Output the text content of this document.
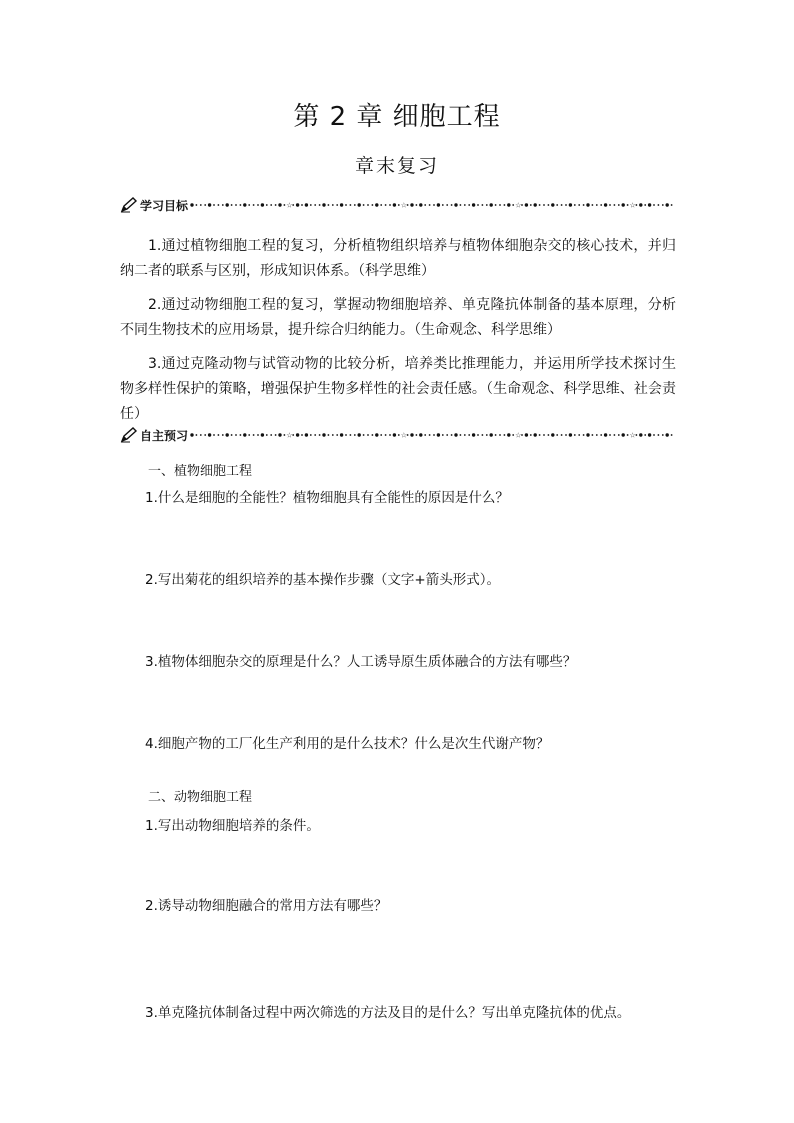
第 2 章 细胞工程
章末复习
学习目标	☆	☆	☆	☆
1.通过植物细胞工程的复习，分析植物组织培养与植物体细胞杂交的核心技术，并归纳二者的联系与区别，形成知识体系。（科学思维）
2.通过动物细胞工程的复习，掌握动物细胞培养、单克隆抗体制备的基本原理，分析不同生物技术的应用场景，提升综合归纳能力。（生命观念、科学思维）
3.通过克隆动物与试管动物的比较分析，培养类比推理能力，并运用所学技术探讨生物多样性保护的策略，增强保护生物多样性的社会责任感。（生命观念、科学思维、社会责任）
自主预习	☆	☆	☆	☆
一、植物细胞工程
1.什么是细胞的全能性？植物细胞具有全能性的原因是什么？
2.写出菊花的组织培养的基本操作步骤（文字+箭头形式）。
3.植物体细胞杂交的原理是什么？人工诱导原生质体融合的方法有哪些？
4.细胞产物的工厂化生产利用的是什么技术？什么是次生代谢产物？
二、动物细胞工程
1.写出动物细胞培养的条件。
2.诱导动物细胞融合的常用方法有哪些？
3.单克隆抗体制备过程中两次筛选的方法及目的是什么？写出单克隆抗体的优点。
